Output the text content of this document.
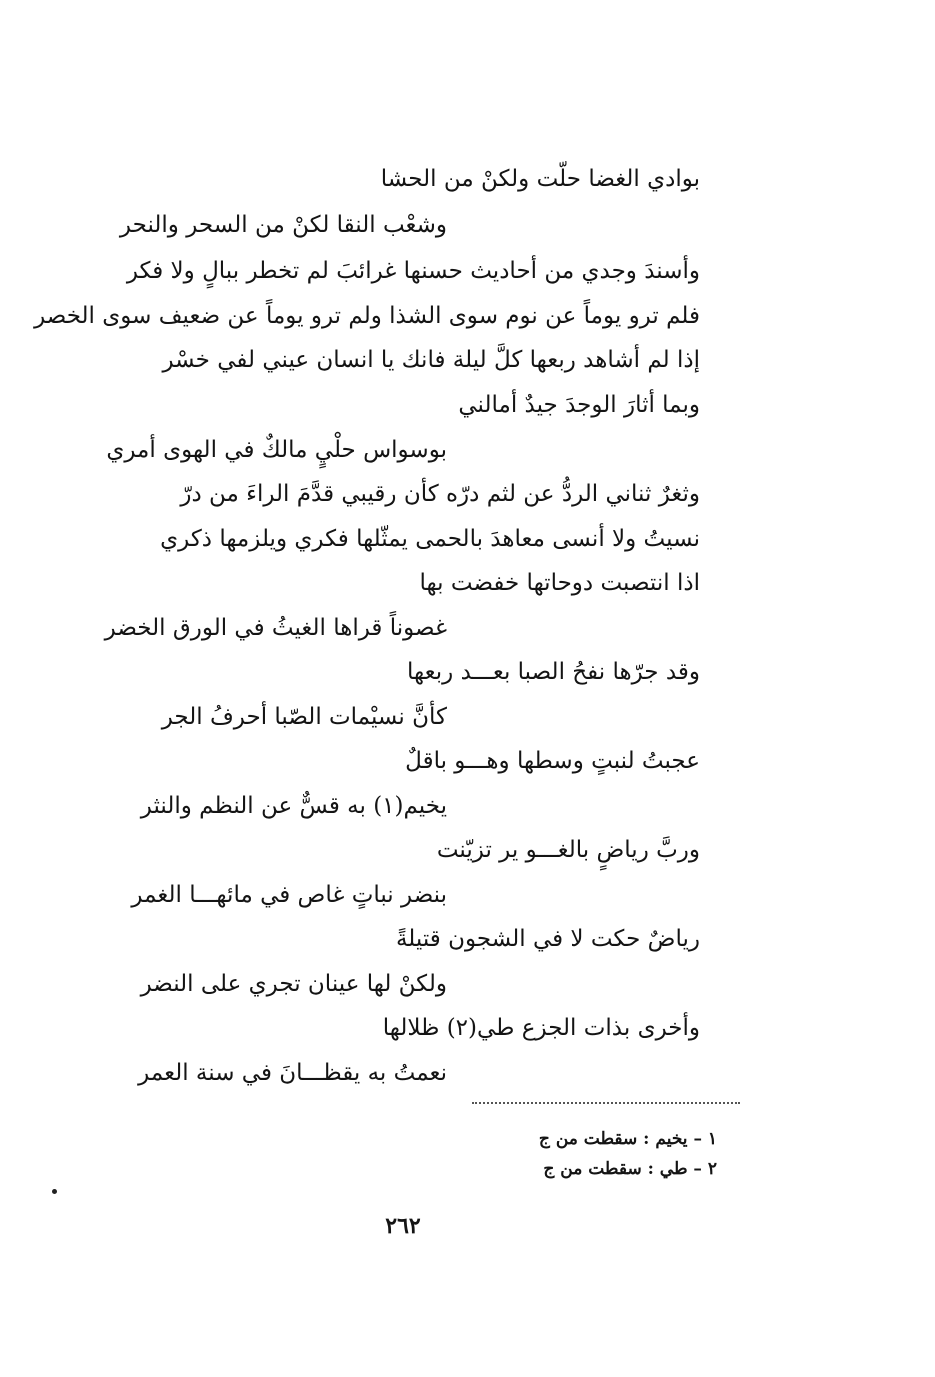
بوادي الغضا حلّت ولكنْ من الحشا
وشعْب النقا لكنْ من السحر والنحر
وأسندَ وجدي من أحاديث حسنها غرائبَ لم تخطر ببالٍ ولا فكر
فلم ترو يوماً عن نوم سوى الشذا ولم ترو يوماً عن ضعيف سوى الخصر
إذا لم أشاهد ربعها كلَّ ليلة فانك يا انسان عيني لفي خسْر
وبما أثارَ الوجدَ جيدٌ أمالني
بوسواس حلْيٍ مالكٌ في الهوى أمري
وثغرٌ ثناني الردُّ عن لثم درّه كأن رقيبي قدَّمَ الراءَ من درّ
نسيتُ ولا أنسى معاهدَ بالحمى يمثّلها فكري ويلزمها ذكري
اذا انتصبت دوحاتها خفضت بها
غصوناً قراها الغيثُ في الورق الخضر
وقد جرّها نفحُ الصبا بعـــد ربعها
كأنَّ نسيْمات الصّبا أحرفُ الجر
عجبتُ لنبتٍ وسطها وهـــو باقلٌ
يخيم(١) به قسٌّ عن النظم والنثر
وربَّ رياضٍ بالغـــو ير تزيّنت
بنضر نباتٍ غاص في مائهـــا الغمر
رياضٌ حكت لا في الشجون قتيلةً
ولكنْ لها عينان تجري على النضر
وأخرى بذات الجزع طي(٢) ظلالها
نعمتُ به يقظـــانَ في سنة العمر
١ – يخيم : سقطت من ج
٢ – طي : سقطت من ج
٢٦٢
